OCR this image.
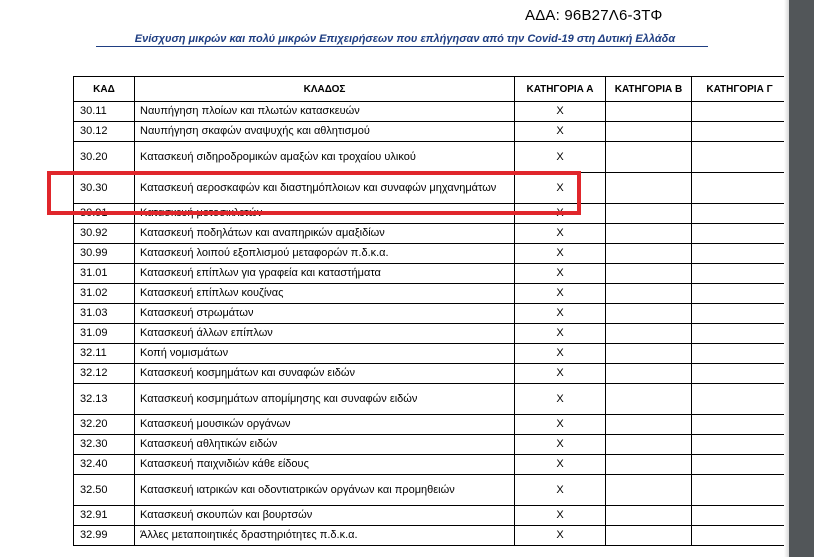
ΑΔΑ: 96Β27Λ6-3ΤΦ
Ενίσχυση μικρών και πολύ μικρών Επιχειρήσεων που επλήγησαν από την Covid-19 στη Δυτική Ελλάδα
ΚΑΔ	ΚΛΑΔΟΣ	ΚΑΤΗΓΟΡΙΑ Α	ΚΑΤΗΓΟΡΙΑ Β	ΚΑΤΗΓΟΡΙΑ Γ
30.11	Ναυπήγηση πλοίων και πλωτών κατασκευών	Χ		
30.12	Ναυπήγηση σκαφών αναψυχής και αθλητισμού	Χ		
30.20	Κατασκευή σιδηροδρομικών αμαξών και τροχαίου υλικού	Χ		
30.30	Κατασκευή αεροσκαφών και διαστημόπλοιων και συναφών μηχανημάτων	Χ		
30.91	Κατασκευή μοτοσικλετών	Χ		
30.92	Κατασκευή ποδηλάτων και αναπηρικών αμαξιδίων	Χ		
30.99	Κατασκευή λοιπού εξοπλισμού μεταφορών π.δ.κ.α.	Χ		
31.01	Κατασκευή επίπλων για γραφεία και καταστήματα	Χ		
31.02	Κατασκευή επίπλων κουζίνας	Χ		
31.03	Κατασκευή στρωμάτων	Χ		
31.09	Κατασκευή άλλων επίπλων	Χ		
32.11	Κοπή νομισμάτων	Χ		
32.12	Κατασκευή κοσμημάτων και συναφών ειδών	Χ		
32.13	Κατασκευή κοσμημάτων απομίμησης και συναφών ειδών	Χ		
32.20	Κατασκευή μουσικών οργάνων	Χ		
32.30	Κατασκευή αθλητικών ειδών	Χ		
32.40	Κατασκευή παιχνιδιών κάθε είδους	Χ		
32.50	Κατασκευή ιατρικών και οδοντιατρικών οργάνων και προμηθειών	Χ		
32.91	Κατασκευή σκουπών και βουρτσών	Χ		
32.99	Άλλες μεταποιητικές δραστηριότητες π.δ.κ.α.	Χ		
